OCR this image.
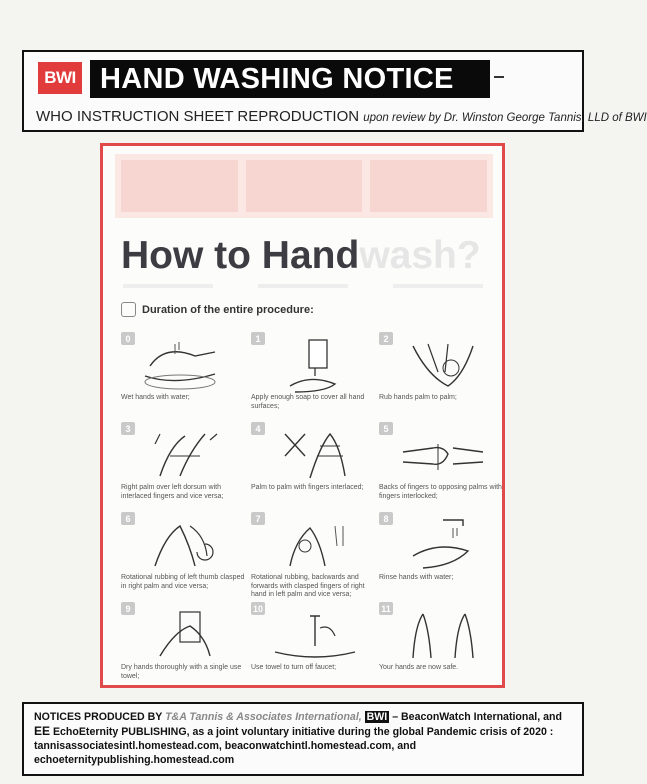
BWI HAND WASHING NOTICE
WHO INSTRUCTION SHEET REPRODUCTION upon review by Dr. Winston George Tannis, LLD of BWI
How to Handwash?
Duration of the entire procedure:
0
Wet hands with water;
1
Apply enough soap to cover all hand surfaces;
2
Rub hands palm to palm;
3
Right palm over left dorsum with interlaced fingers and vice versa;
4
Palm to palm with fingers interlaced;
5
Backs of fingers to opposing palms with fingers interlocked;
6
Rotational rubbing of left thumb clasped in right palm and vice versa;
7
Rotational rubbing, backwards and forwards with clasped fingers of right hand in left palm and vice versa;
8
Rinse hands with water;
9
Dry hands thoroughly with a single use towel;
10
Use towel to turn off faucet;
11
Your hands are now safe.

NOTICES PRODUCED BY T&A Tannis & Associates International, BWI – BeaconWatch International, and EE EchoEternity PUBLISHING, as a joint voluntary initiative during the global Pandemic crisis of 2020 : tannisassociatesintl.homestead.com, beaconwatchintl.homestead.com, and echoeternitypublishing.homestead.com
